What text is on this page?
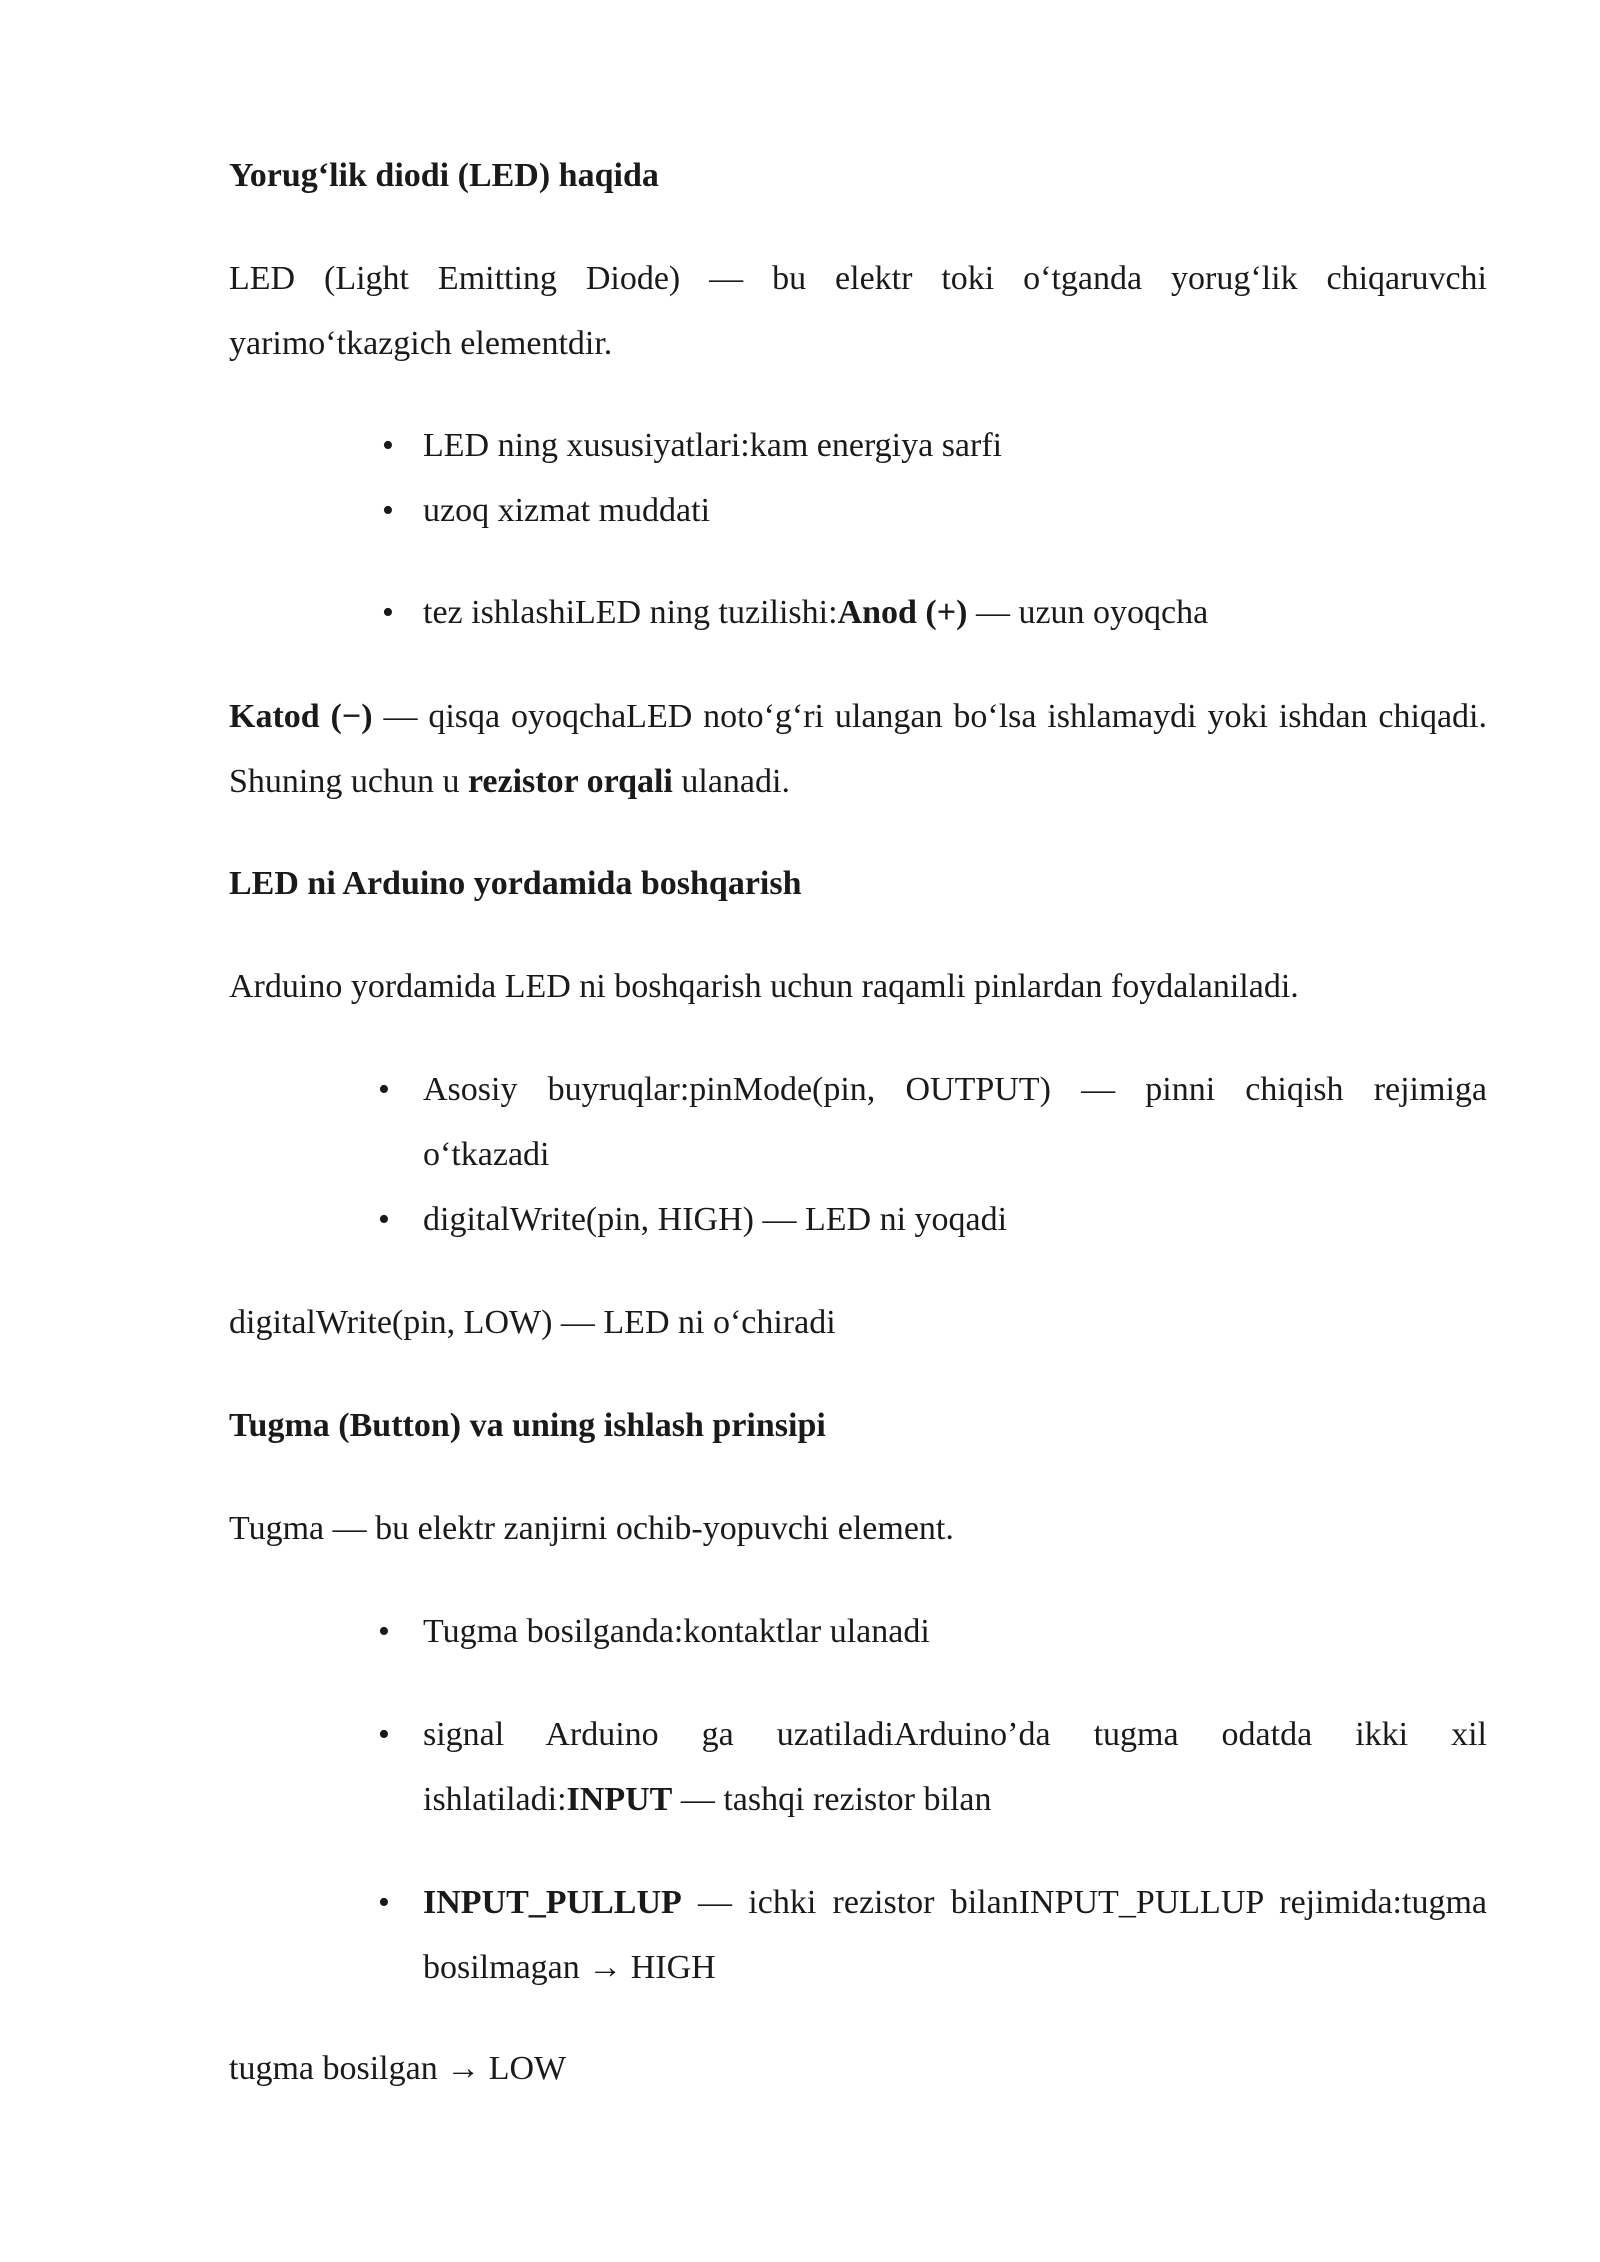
Yorug‘lik diodi (LED) haqida

LED (Light Emitting Diode) — bu elektr toki o‘tganda yorug‘lik chiqaruvchi yarimo‘tkazgich elementdir.

• LED ning xususiyatlari:kam energiya sarfi
• uzoq xizmat muddati
• tez ishlashiLED ning tuzilishi:Anod (+) — uzun oyoqcha

Katod (−) — qisqa oyoqchaLED noto‘g‘ri ulangan bo‘lsa ishlamaydi yoki ishdan chiqadi. Shuning uchun u rezistor orqali ulanadi.

LED ni Arduino yordamida boshqarish

Arduino yordamida LED ni boshqarish uchun raqamli pinlardan foydalaniladi.

• Asosiy buyruqlar:pinMode(pin, OUTPUT) — pinni chiqish rejimiga o‘tkazadi
• digitalWrite(pin, HIGH) — LED ni yoqadi

digitalWrite(pin, LOW) — LED ni o‘chiradi

Tugma (Button) va uning ishlash prinsipi

Tugma — bu elektr zanjirni ochib-yopuvchi element.

• Tugma bosilganda:kontaktlar ulanadi
• signal Arduino ga uzatiladiArduino’da tugma odatda ikki xil ishlatiladi:INPUT — tashqi rezistor bilan
• INPUT_PULLUP — ichki rezistor bilanINPUT_PULLUP rejimida:tugma bosilmagan → HIGH

tugma bosilgan → LOW
